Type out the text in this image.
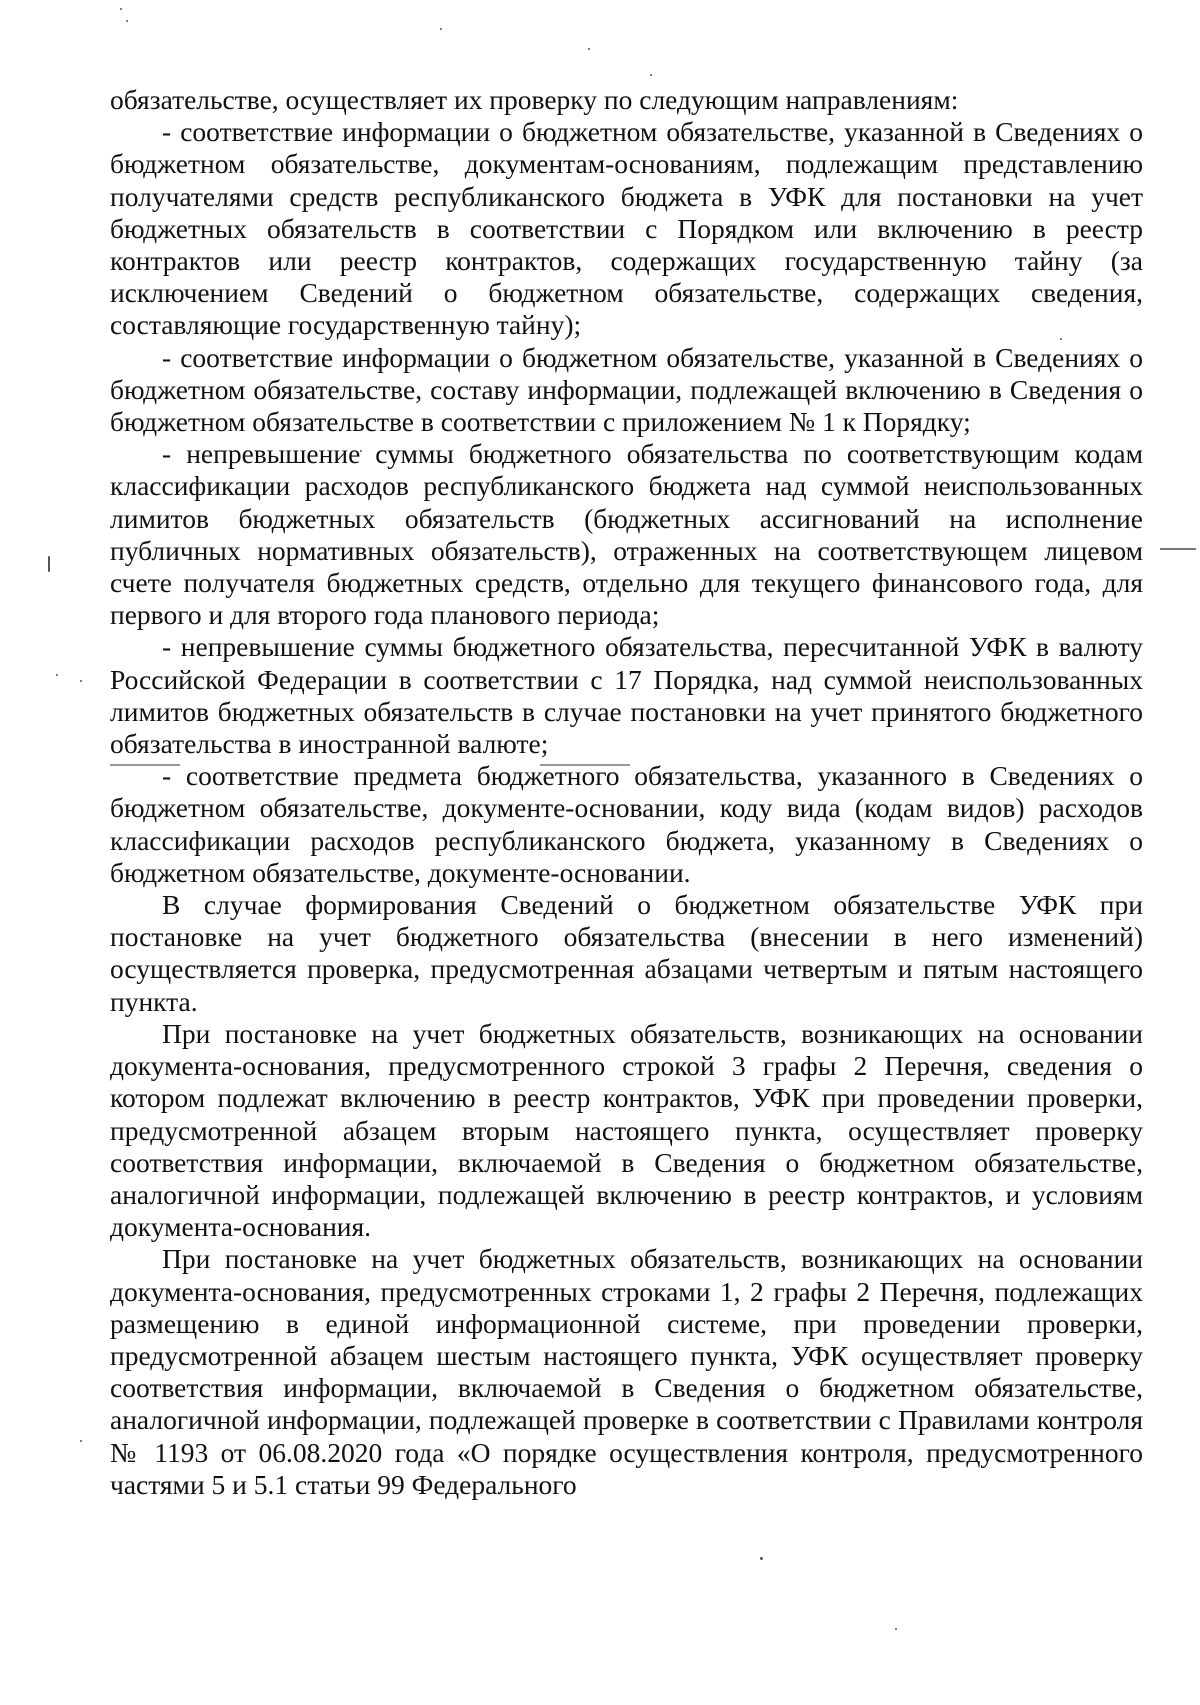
обязательстве, осуществляет их проверку по следующим направлениям:

- соответствие информации о бюджетном обязательстве, указанной в Сведениях о бюджетном обязательстве, документам-основаниям, подлежащим представлению получателями средств республиканского бюджета в УФК для постановки на учет бюджетных обязательств в соответствии с Порядком или включению в реестр контрактов или реестр контрактов, содержащих государственную тайну (за исключением Сведений о бюджетном обязательстве, содержащих сведения, составляющие государственную тайну);

- соответствие информации о бюджетном обязательстве, указанной в Сведениях о бюджетном обязательстве, составу информации, подлежащей включению в Сведения о бюджетном обязательстве в соответствии с приложением № 1 к Порядку;

- непревышение суммы бюджетного обязательства по соответствующим кодам классификации расходов республиканского бюджета над суммой неиспользованных лимитов бюджетных обязательств (бюджетных ассигнований на исполнение публичных нормативных обязательств), отраженных на соответствующем лицевом счете получателя бюджетных средств, отдельно для текущего финансового года, для первого и для второго года планового периода;

- непревышение суммы бюджетного обязательства, пересчитанной УФК в валюту Российской Федерации в соответствии с 17 Порядка, над суммой неиспользованных лимитов бюджетных обязательств в случае постановки на учет принятого бюджетного обязательства в иностранной валюте;

- соответствие предмета бюджетного обязательства, указанного в Сведениях о бюджетном обязательстве, документе-основании, коду вида (кодам видов) расходов классификации расходов республиканского бюджета, указанному в Сведениях о бюджетном обязательстве, документе-основании.

В случае формирования Сведений о бюджетном обязательстве УФК при постановке на учет бюджетного обязательства (внесении в него изменений) осуществляется проверка, предусмотренная абзацами четвертым и пятым настоящего пункта.

При постановке на учет бюджетных обязательств, возникающих на основании документа-основания, предусмотренного строкой 3 графы 2 Перечня, сведения о котором подлежат включению в реестр контрактов, УФК при проведении проверки, предусмотренной абзацем вторым настоящего пункта, осуществляет проверку соответствия информации, включаемой в Сведения о бюджетном обязательстве, аналогичной информации, подлежащей включению в реестр контрактов, и условиям документа-основания.

При постановке на учет бюджетных обязательств, возникающих на основании документа-основания, предусмотренных строками 1, 2 графы 2 Перечня, подлежащих размещению в единой информационной системе, при проведении проверки, предусмотренной абзацем шестым настоящего пункта, УФК осуществляет проверку соответствия информации, включаемой в Сведения о бюджетном обязательстве, аналогичной информации, подлежащей проверке в соответствии с Правилами контроля № 1193 от 06.08.2020 года «О порядке осуществления контроля, предусмотренного частями 5 и 5.1 статьи 99 Федерального
